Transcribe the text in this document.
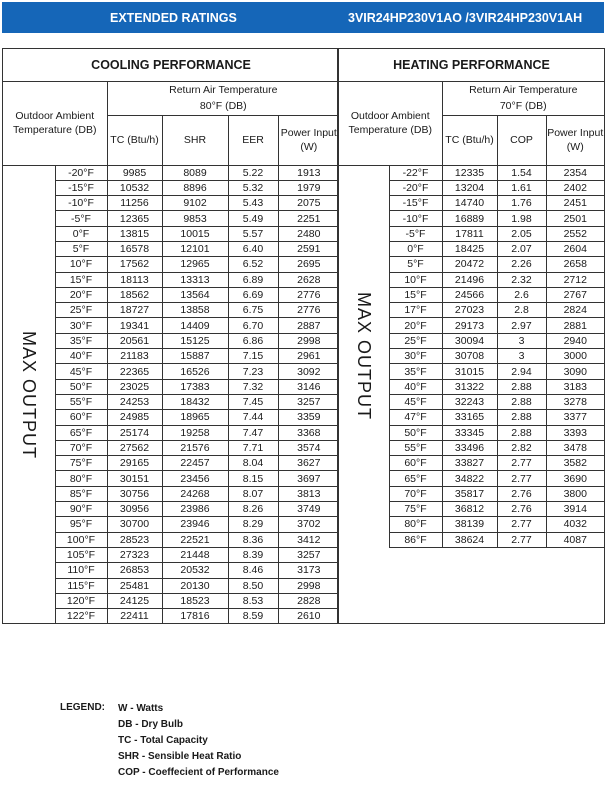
EXTENDED RATINGS	3VIR24HP230V1AO /3VIR24HP230V1AH
COOLING PERFORMANCE					
Outdoor Ambient Temperature (DB)		Return Air Temperature			
		80°F (DB)			
		TC (Btu/h)	SHR	EER	Power Input (W)

MAX OUTPUT	-20°F	9985	8089	5.22	1913
	-15°F	10532	8896	5.32	1979
	-10°F	11256	9102	5.43	2075
	-5°F	12365	9853	5.49	2251
	0°F	13815	10015	5.57	2480
	5°F	16578	12101	6.40	2591
	10°F	17562	12965	6.52	2695
	15°F	18113	13313	6.89	2628
	20°F	18562	13564	6.69	2776
	25°F	18727	13858	6.75	2776
	30°F	19341	14409	6.70	2887
	35°F	20561	15125	6.86	2998
	40°F	21183	15887	7.15	2961
	45°F	22365	16526	7.23	3092
	50°F	23025	17383	7.32	3146
	55°F	24253	18432	7.45	3257
	60°F	24985	18965	7.44	3359
	65°F	25174	19258	7.47	3368
	70°F	27562	21576	7.71	3574
	75°F	29165	22457	8.04	3627
	80°F	30151	23456	8.15	3697
	85°F	30756	24268	8.07	3813
	90°F	30956	23986	8.26	3749
	95°F	30700	23946	8.29	3702
	100°F	28523	22521	8.36	3412
	105°F	27323	21448	8.39	3257
	110°F	26853	20532	8.46	3173
	115°F	25481	20130	8.50	2998
	120°F	24125	18523	8.53	2828
	122°F	22411	17816	8.59	2610

HEATING PERFORMANCE				
Outdoor Ambient Temperature (DB)		Return Air Temperature		
		70°F (DB)		
		TC (Btu/h)	COP	Power Input (W)

MAX OUTPUT	-22°F	12335	1.54	2354
	-20°F	13204	1.61	2402
	-15°F	14740	1.76	2451
	-10°F	16889	1.98	2501
	-5°F	17811	2.05	2552
	0°F	18425	2.07	2604
	5°F	20472	2.26	2658
	10°F	21496	2.32	2712
	15°F	24566	2.6	2767
	17°F	27023	2.8	2824
	20°F	29173	2.97	2881
	25°F	30094	3	2940
	30°F	30708	3	3000
	35°F	31015	2.94	3090
	40°F	31322	2.88	3183
	45°F	32243	2.88	3278
	47°F	33165	2.88	3377
	50°F	33345	2.88	3393
	55°F	33496	2.82	3478
	60°F	33827	2.77	3582
	65°F	34822	2.77	3690
	70°F	35817	2.76	3800
	75°F	36812	2.76	3914
	80°F	38139	2.77	4032
	86°F	38624	2.77	4087
LEGEND: W - Watts
DB - Dry Bulb
TC - Total Capacity
SHR - Sensible Heat Ratio
COP - Coeffecient of Performance
